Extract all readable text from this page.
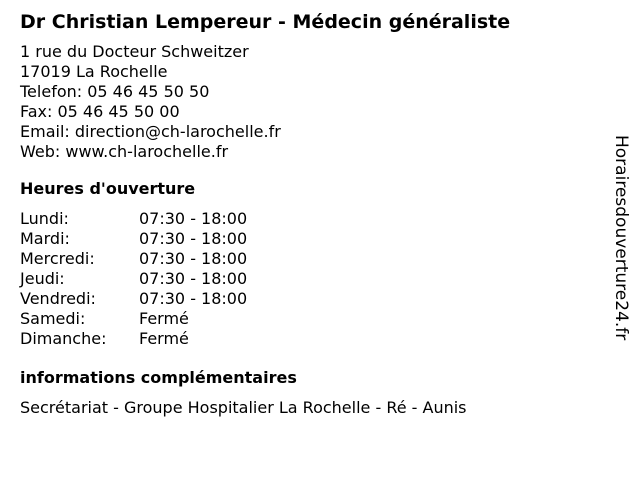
Dr Christian Lempereur - Médecin généraliste
1 rue du Docteur Schweitzer
17019 La Rochelle
Telefon: 05 46 45 50 50
Fax: 05 46 45 50 00
Email: direction@ch-larochelle.fr
Web: www.ch-larochelle.fr
Heures d'ouverture
Lundi:	07:30 - 18:00
Mardi:	07:30 - 18:00
Mercredi:	07:30 - 18:00
Jeudi:	07:30 - 18:00
Vendredi:	07:30 - 18:00
Samedi:	Fermé
Dimanche:	Fermé
informations complémentaires
Secrétariat - Groupe Hospitalier La Rochelle - Ré - Aunis
Horairesdouverture24.fr
